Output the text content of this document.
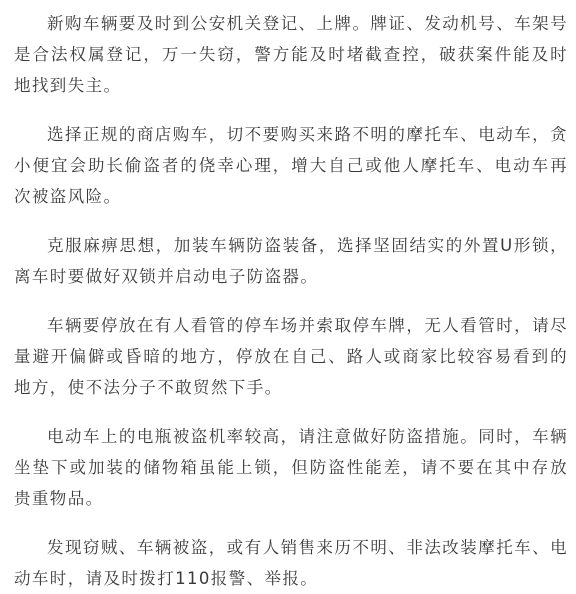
新购车辆要及时到公安机关登记、上牌。牌证、发动机号、车架号是合法权属登记，万一失窃，警方能及时堵截查控，破获案件能及时地找到失主。

选择正规的商店购车，切不要购买来路不明的摩托车、电动车，贪小便宜会助长偷盗者的侥幸心理，增大自己或他人摩托车、电动车再次被盗风险。

克服麻痹思想，加装车辆防盗装备，选择坚固结实的外置U形锁，离车时要做好双锁并启动电子防盗器。

车辆要停放在有人看管的停车场并索取停车牌，无人看管时，请尽量避开偏僻或昏暗的地方，停放在自己、路人或商家比较容易看到的地方，使不法分子不敢贸然下手。

电动车上的电瓶被盗机率较高，请注意做好防盗措施。同时，车辆坐垫下或加装的储物箱虽能上锁，但防盗性能差，请不要在其中存放贵重物品。

发现窃贼、车辆被盗，或有人销售来历不明、非法改装摩托车、电动车时，请及时拨打110报警、举报。
